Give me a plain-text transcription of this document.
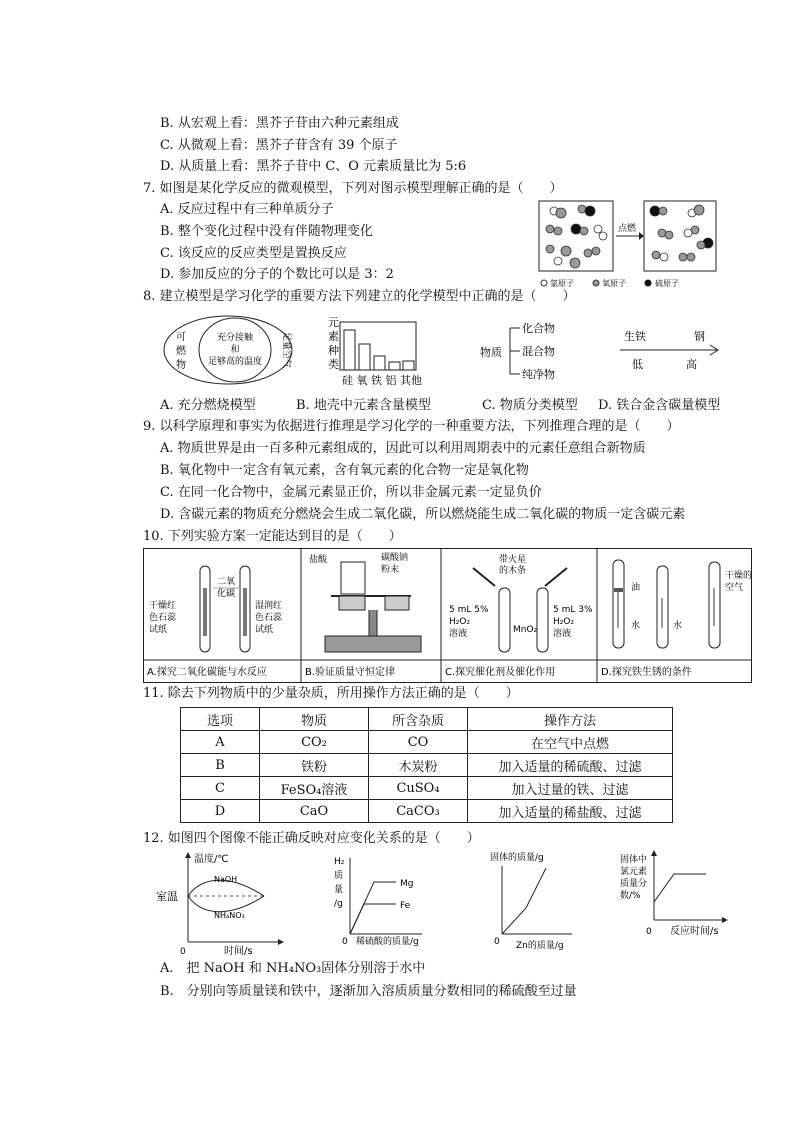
B. 从宏观上看：黑芥子苷由六种元素组成
C. 从微观上看：黑芥子苷含有 39 个原子
D. 从质量上看：黑芥子苷中 C、O 元素质量比为 5:6
7. 如图是某化学反应的微观模型，下列对图示模型理解正确的是（　　）
A. 反应过程中有三种单质分子
B. 整个变化过程中没有伴随物理变化
C. 该反应的反应类型是置换反应
D. 参加反应的分子的个数比可以是 3：2
点燃
氯原子	氧原子	硫原子
8. 建立模型是学习化学的重要方法下列建立的化学模型中正确的是（　　）
可
燃
物
充分接触
和
足够高的温度 足量空气
元
素
种
类
硅 氧 铁 铝 其他
物质
化合物
混合物
纯净物
生铁	钢
低	高
A. 充分燃烧模型	B. 地壳中元素含量模型	C. 物质分类模型 D. 铁合金含碳量模型
9. 以科学原理和事实为依据进行推理是学习化学的一种重要方法，下列推理合理的是（　　）
A. 物质世界是由一百多种元素组成的，因此可以利用周期表中的元素任意组合新物质
B. 氧化物中一定含有氧元素，含有氧元素的化合物一定是氧化物
C. 在同一化合物中，金属元素显正价，所以非金属元素一定显负价
D. 含碳元素的物质充分燃烧会生成二氧化碳，所以燃烧能生成二氧化碳的物质一定含碳元素
10. 下列实验方案一定能达到目的是（　　）
二氧
化碳
干燥红
色石蕊
试纸
湿润红
色石蕊
试纸
盐酸	碳酸钠
粉末
带火星
的木条
5 mL 5%
H₂O₂
溶液	MnO₂
5 mL 3%
H₂O₂
溶液
油
水	水
干燥的
空气
A.探究二氧化碳能与水反应	B.验证质量守恒定律	C.探究催化剂及催化作用	D.探究铁生锈的条件
11. 除去下列物质中的少量杂质，所用操作方法正确的是（　　）
选项	物质	所含杂质	操作方法
A	CO₂	CO	在空气中点燃
B	铁粉	木炭粉	加入适量的稀硫酸、过滤
C	FeSO₄溶液	CuSO₄	加入过量的铁、过滤
D	CaO	CaCO₃	加入适量的稀盐酸、过滤
12. 如图四个图像不能正确反映对应变化关系的是（　　）
温度/℃
室温
NaOH
NH₄NO₃
0	时间/s
H₂
质
量
/g
Mg
Fe
0 稀硫酸的质量/g
固体的质量/g
0 Zn的质量/g
固体中
氯元素
质量分
数/%
0 反应时间/s
A.　把 NaOH 和 NH₄NO₃固体分别溶于水中
B.　分别向等质量镁和铁中，逐渐加入溶质质量分数相同的稀硫酸至过量
